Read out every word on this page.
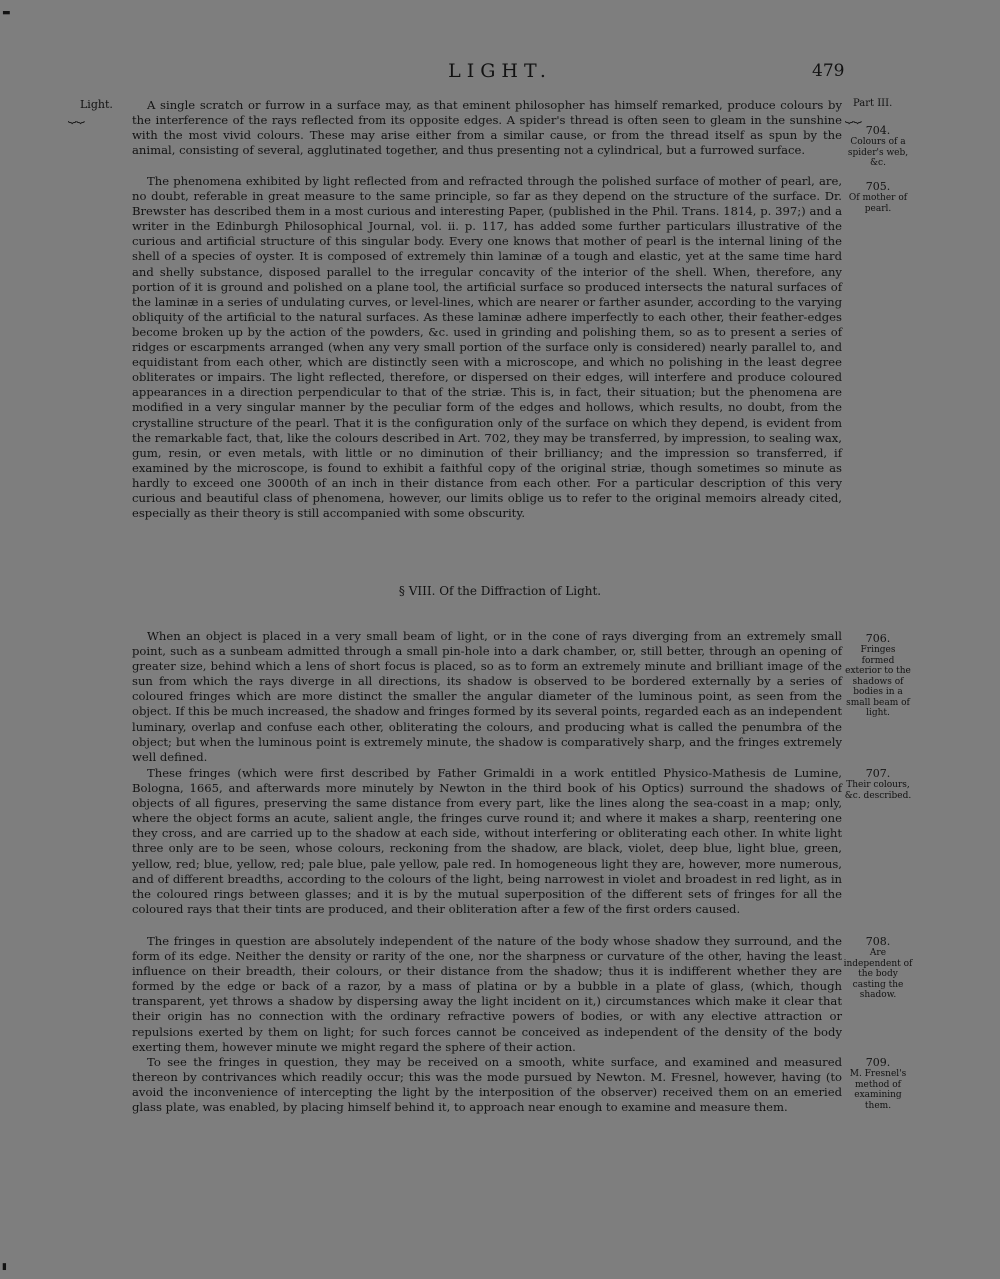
LIGHT.	479
Light.
⏟⏟
Part III.
⏟⏟

A single scratch or furrow in a surface may, as that eminent philosopher has himself remarked, produce colours by the interference of the rays reflected from its opposite edges. A spider's thread is often seen to gleam in the sunshine with the most vivid colours. These may arise either from a similar cause, or from the thread itself as spun by the animal, consisting of several, agglutinated together, and thus presenting not a cylindrical, but a furrowed surface.

The phenomena exhibited by light reflected from and refracted through the polished surface of mother of pearl, are, no doubt, referable in great measure to the same principle, so far as they depend on the structure of the surface. Dr. Brewster has described them in a most curious and interesting Paper, (published in the Phil. Trans. 1814, p. 397;) and a writer in the Edinburgh Philosophical Journal, vol. ii. p. 117, has added some further particulars illustrative of the curious and artificial structure of this singular body. Every one knows that mother of pearl is the internal lining of the shell of a species of oyster. It is composed of extremely thin laminæ of a tough and elastic, yet at the same time hard and shelly substance, disposed parallel to the irregular concavity of the interior of the shell. When, therefore, any portion of it is ground and polished on a plane tool, the artificial surface so produced intersects the natural surfaces of the laminæ in a series of undulating curves, or level-lines, which are nearer or farther asunder, according to the varying obliquity of the artificial to the natural surfaces. As these laminæ adhere imperfectly to each other, their feather-edges become broken up by the action of the powders, &c. used in grinding and polishing them, so as to present a series of ridges or escarpments arranged (when any very small portion of the surface only is considered) nearly parallel to, and equidistant from each other, which are distinctly seen with a microscope, and which no polishing in the least degree obliterates or impairs. The light reflected, therefore, or dispersed on their edges, will interfere and produce coloured appearances in a direction perpendicular to that of the striæ. This is, in fact, their situation; but the phenomena are modified in a very singular manner by the peculiar form of the edges and hollows, which results, no doubt, from the crystalline structure of the pearl. That it is the configuration only of the surface on which they depend, is evident from the remarkable fact, that, like the colours described in Art. 702, they may be transferred, by impression, to sealing wax, gum, resin, or even metals, with little or no diminution of their brilliancy; and the impression so transferred, if examined by the microscope, is found to exhibit a faithful copy of the original striæ, though sometimes so minute as hardly to exceed one 3000th of an inch in their distance from each other. For a particular description of this very curious and beautiful class of phenomena, however, our limits oblige us to refer to the original memoirs already cited, especially as their theory is still accompanied with some obscurity.

§ VIII. Of the Diffraction of Light.

When an object is placed in a very small beam of light, or in the cone of rays diverging from an extremely small point, such as a sunbeam admitted through a small pin-hole into a dark chamber, or, still better, through an opening of greater size, behind which a lens of short focus is placed, so as to form an extremely minute and brilliant image of the sun from which the rays diverge in all directions, its shadow is observed to be bordered externally by a series of coloured fringes which are more distinct the smaller the angular diameter of the luminous point, as seen from the object. If this be much increased, the shadow and fringes formed by its several points, regarded each as an independent luminary, overlap and confuse each other, obliterating the colours, and producing what is called the penumbra of the object; but when the luminous point is extremely minute, the shadow is comparatively sharp, and the fringes extremely well defined.

These fringes (which were first described by Father Grimaldi in a work entitled Physico-Mathesis de Lumine, Bologna, 1665, and afterwards more minutely by Newton in the third book of his Optics) surround the shadows of objects of all figures, preserving the same distance from every part, like the lines along the sea-coast in a map; only, where the object forms an acute, salient angle, the fringes curve round it; and where it makes a sharp, reentering one they cross, and are carried up to the shadow at each side, without interfering or obliterating each other. In white light three only are to be seen, whose colours, reckoning from the shadow, are black, violet, deep blue, light blue, green, yellow, red; blue, yellow, red; pale blue, pale yellow, pale red. In homogeneous light they are, however, more numerous, and of different breadths, according to the colours of the light, being narrowest in violet and broadest in red light, as in the coloured rings between glasses; and it is by the mutual superposition of the different sets of fringes for all the coloured rays that their tints are produced, and their obliteration after a few of the first orders caused.

The fringes in question are absolutely independent of the nature of the body whose shadow they surround, and the form of its edge. Neither the density or rarity of the one, nor the sharpness or curvature of the other, having the least influence on their breadth, their colours, or their distance from the shadow; thus it is indifferent whether they are formed by the edge or back of a razor, by a mass of platina or by a bubble in a plate of glass, (which, though transparent, yet throws a shadow by dispersing away the light incident on it,) circumstances which make it clear that their origin has no connection with the ordinary refractive powers of bodies, or with any elective attraction or repulsions exerted by them on light; for such forces cannot be conceived as independent of the density of the body exerting them, however minute we might regard the sphere of their action.

To see the fringes in question, they may be received on a smooth, white surface, and examined and measured thereon by contrivances which readily occur; this was the mode pursued by Newton. M. Fresnel, however, having (to avoid the inconvenience of intercepting the light by the interposition of the observer) received them on an emeried glass plate, was enabled, by placing himself behind it, to approach near enough to examine and measure them.

704.
Colours of a spider's web, &c.
705.
Of mother of pearl.
706.
Fringes formed exterior to the shadows of bodies in a small beam of light.
707.
Their colours, &c. described.
708.
Are independent of the body casting the shadow.
709.
M. Fresnel's method of examining them.
▬
▮
